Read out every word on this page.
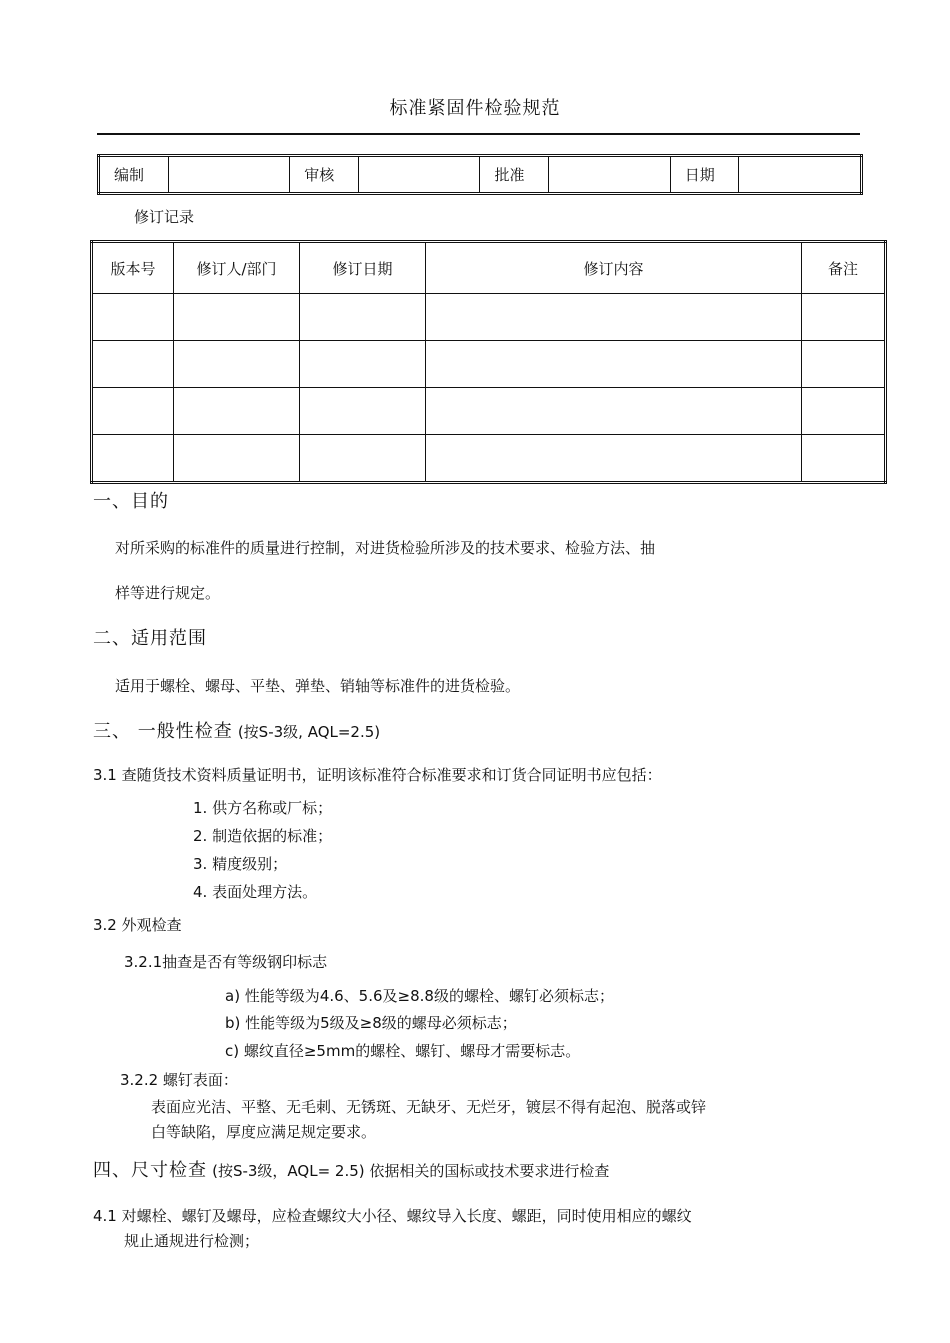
标准紧固件检验规范
编制		审核		批准		日期	
修订记录
版本号	修订人/部门	修订日期	修订内容	备注

一、目的
对所采购的标准件的质量进行控制，对进货检验所涉及的技术要求、检验方法、抽
样等进行规定。
二、适用范围
适用于螺栓、螺母、平垫、弹垫、销轴等标准件的进货检验。
三、 一般性检查 (按S-3级, AQL=2.5)
3.1 查随货技术资料质量证明书，证明该标准符合标准要求和订货合同证明书应包括：
1. 供方名称或厂标；
2. 制造依据的标准；
3. 精度级别；
4. 表面处理方法。
3.2 外观检查
3.2.1抽查是否有等级钢印标志
a) 性能等级为4.6、5.6及≥8.8级的螺栓、螺钉必须标志；
b) 性能等级为5级及≥8级的螺母必须标志；
c) 螺纹直径≥5mm的螺栓、螺钉、螺母才需要标志。
3.2.2 螺钉表面：
表面应光洁、平整、无毛刺、无锈斑、无缺牙、无烂牙，镀层不得有起泡、脱落或锌
白等缺陷，厚度应满足规定要求。
四、尺寸检查 (按S-3级，AQL= 2.5) 依据相关的国标或技术要求进行检查
4.1 对螺栓、螺钉及螺母，应检查螺纹大小径、螺纹导入长度、螺距，同时使用相应的螺纹
规止通规进行检测；
